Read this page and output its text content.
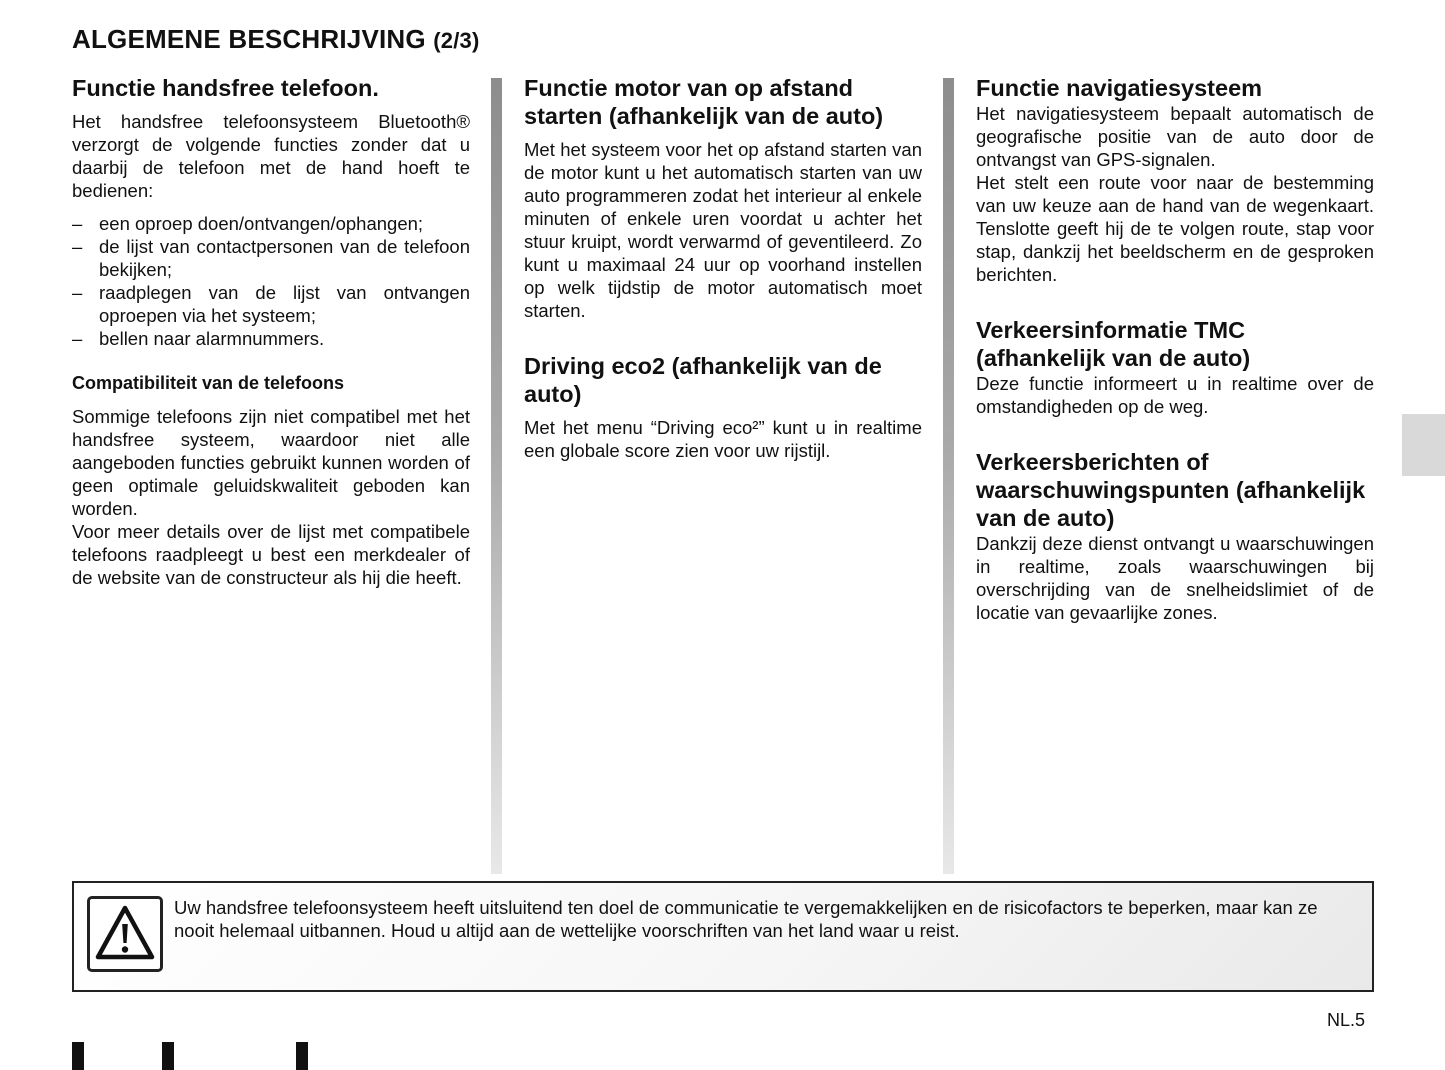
ALGEMENE BESCHRIJVING (2/3)
Functie handsfree telefoon.

Het handsfree telefoonsysteem Bluetooth® verzorgt de volgende functies zonder dat u daarbij de telefoon met de hand hoeft te bedienen:

– een oproep doen/ontvangen/ophangen;
– de lijst van contactpersonen van de telefoon bekijken;
– raadplegen van de lijst van ontvangen oproepen via het systeem;
– bellen naar alarmnummers.
Compatibiliteit van de telefoons

Sommige telefoons zijn niet compatibel met het handsfree systeem, waardoor niet alle aangeboden functies gebruikt kunnen worden of geen optimale geluidskwaliteit geboden kan worden.

Voor meer details over de lijst met compatibele telefoons raadpleegt u best een merkdealer of de website van de constructeur als hij die heeft.

Functie motor van op afstand starten (afhankelijk van de auto)

Met het systeem voor het op afstand starten van de motor kunt u het automatisch starten van uw auto programmeren zodat het interieur al enkele minuten of enkele uren voordat u achter het stuur kruipt, wordt verwarmd of geventileerd. Zo kunt u maximaal 24 uur op voorhand instellen op welk tijdstip de motor automatisch moet starten.

Driving eco2 (afhankelijk van de auto)

Met het menu “Driving eco²” kunt u in realtime een globale score zien voor uw rijstijl.

Functie navigatiesysteem

Het navigatiesysteem bepaalt automatisch de geografische positie van de auto door de ontvangst van GPS-signalen.

Het stelt een route voor naar de bestemming van uw keuze aan de hand van de wegenkaart. Tenslotte geeft hij de te volgen route, stap voor stap, dankzij het beeldscherm en de gesproken berichten.

Verkeersinformatie TMC (afhankelijk van de auto)

Deze functie informeert u in realtime over de omstandigheden op de weg.

Verkeersberichten of waarschuwingspunten (afhankelijk van de auto)

Dankzij deze dienst ontvangt u waarschuwingen in realtime, zoals waarschuwingen bij overschrijding van de snelheidslimiet of de locatie van gevaarlijke zones.

Uw handsfree telefoonsysteem heeft uitsluitend ten doel de communicatie te vergemakkelijken en de risicofactors te beperken, maar kan ze nooit helemaal uitbannen. Houd u altijd aan de wettelijke voorschriften van het land waar u reist.

NL.5
